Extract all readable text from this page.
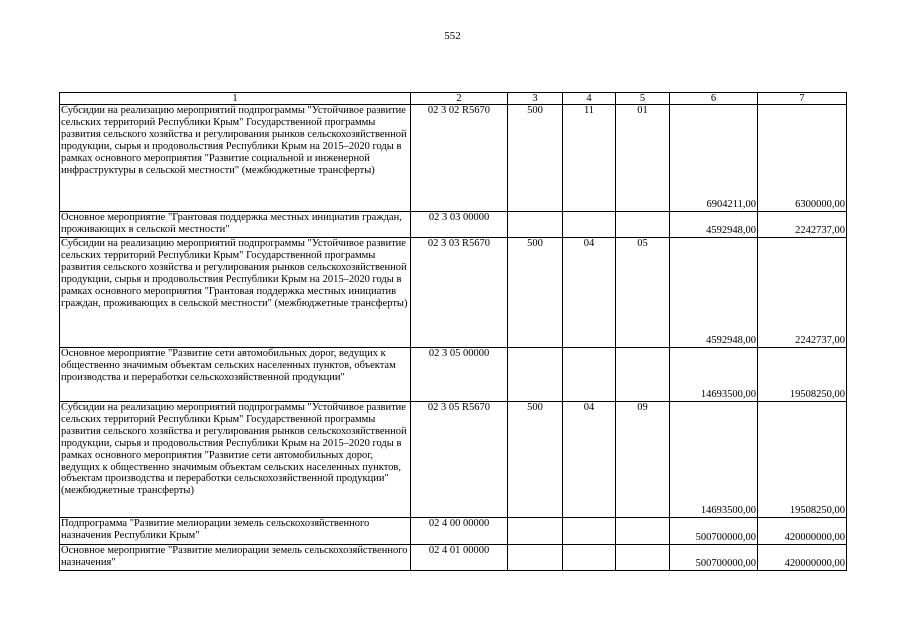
552
1	2	3	4	5	6	7
Субсидии на реализацию мероприятий подпрограммы "Устойчивое развитие сельских территорий Республики Крым" Государственной программы развития сельского хозяйства и регулирования рынков сельскохозяйственной продукции, сырья и продовольствия Республики Крым на 2015–2020 годы в рамках основного мероприятия "Развитие социальной и инженерной инфраструктуры в сельской местности" (межбюджетные трансферты)	02 3 02 R5670	500	11	01	6904211,00	6300000,00
Основное мероприятие "Грантовая поддержка местных инициатив граждан, проживающих в сельской местности"	02 3 03 00000				4592948,00	2242737,00
Субсидии на реализацию мероприятий подпрограммы "Устойчивое развитие сельских территорий Республики Крым" Государственной программы развития сельского хозяйства и регулирования рынков сельскохозяйственной продукции, сырья и продовольствия Республики Крым на 2015–2020 годы в рамках основного мероприятия "Грантовая поддержка местных инициатив граждан, проживающих в сельской местности" (межбюджетные трансферты)	02 3 03 R5670	500	04	05	4592948,00	2242737,00
Основное мероприятие "Развитие сети автомобильных дорог, ведущих к общественно значимым объектам сельских населенных пунктов, объектам производства и переработки сельскохозяйственной продукции"	02 3 05 00000				14693500,00	19508250,00
Субсидии на реализацию мероприятий подпрограммы "Устойчивое развитие сельских территорий Республики Крым" Государственной программы развития сельского хозяйства и регулирования рынков сельскохозяйственной продукции, сырья и продовольствия Республики Крым на 2015–2020 годы в рамках основного мероприятия "Развитие сети автомобильных дорог, ведущих к общественно значимым объектам сельских населенных пунктов, объектам производства и переработки сельскохозяйственной продукции" (межбюджетные трансферты)	02 3 05 R5670	500	04	09	14693500,00	19508250,00
Подпрограмма "Развитие мелиорации земель сельскохозяйственного назначения Республики Крым"	02 4 00 00000				500700000,00	420000000,00
Основное мероприятие "Развитие мелиорации земель сельскохозяйственного назначения"	02 4 01 00000				500700000,00	420000000,00
